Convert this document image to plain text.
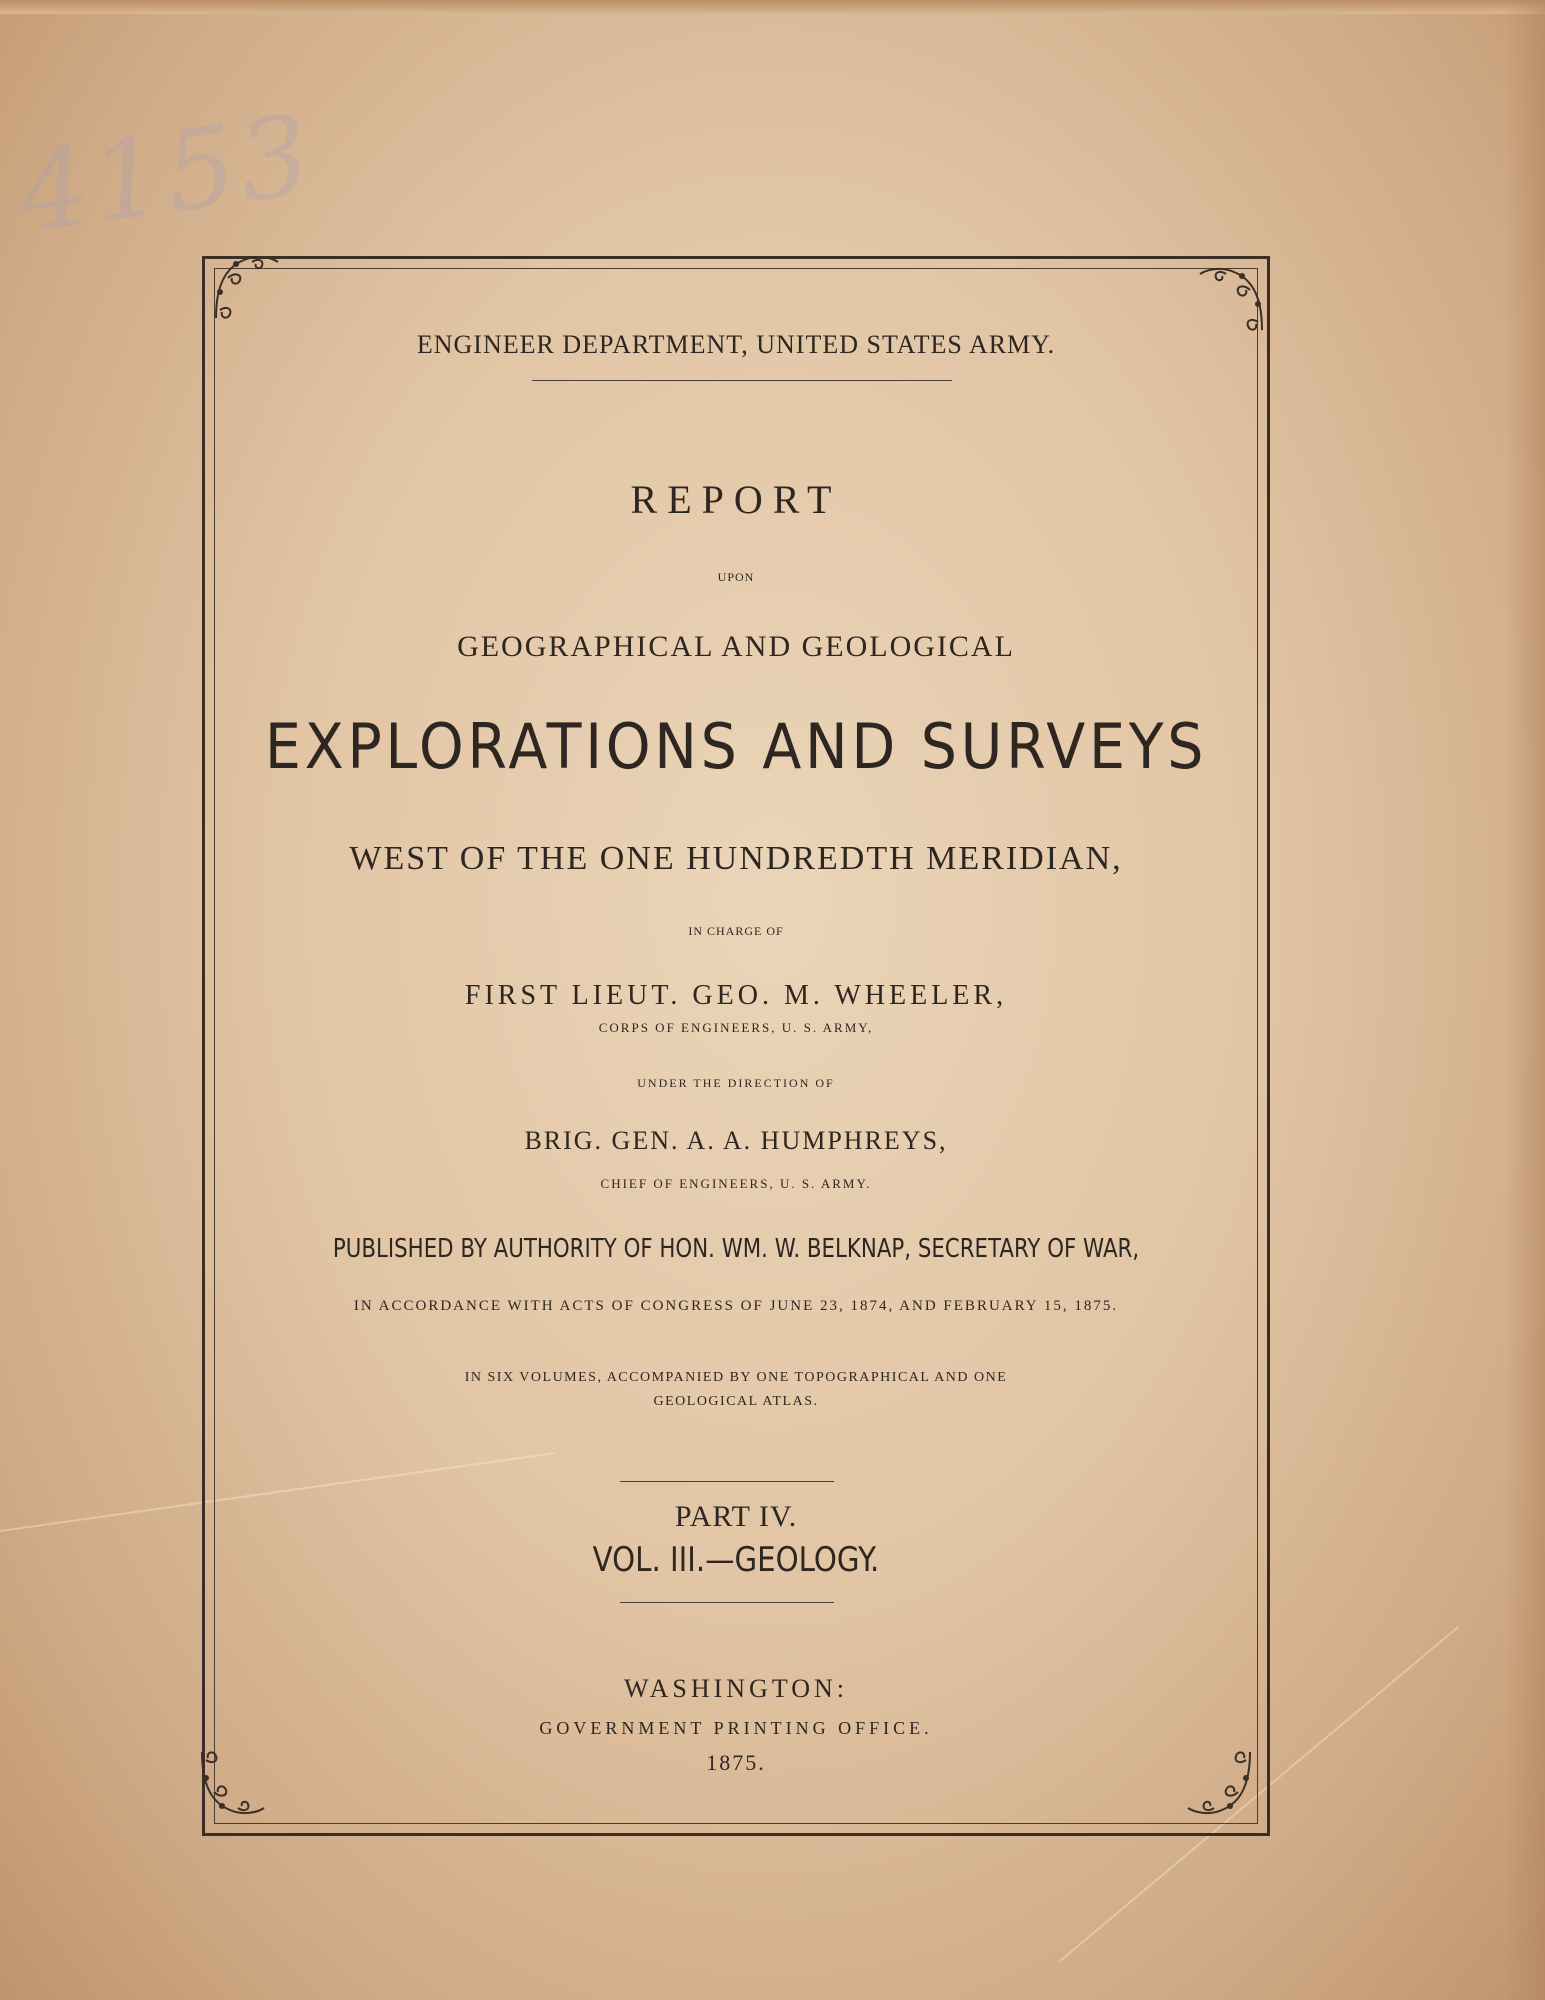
4153
ENGINEER DEPARTMENT, UNITED STATES ARMY.
REPORT
UPON
GEOGRAPHICAL AND GEOLOGICAL
EXPLORATIONS AND SURVEYS
WEST OF THE ONE HUNDREDTH MERIDIAN,
IN CHARGE OF
FIRST LIEUT. GEO. M. WHEELER,
CORPS OF ENGINEERS, U. S. ARMY,
UNDER THE DIRECTION OF
BRIG. GEN. A. A. HUMPHREYS,
CHIEF OF ENGINEERS, U. S. ARMY.
PUBLISHED BY AUTHORITY OF HON. WM. W. BELKNAP, SECRETARY OF WAR,
IN ACCORDANCE WITH ACTS OF CONGRESS OF JUNE 23, 1874, AND FEBRUARY 15, 1875.
IN SIX VOLUMES, ACCOMPANIED BY ONE TOPOGRAPHICAL AND ONE
GEOLOGICAL ATLAS.
PART IV.
VOL. III.—GEOLOGY.
WASHINGTON:
GOVERNMENT PRINTING OFFICE.
1875.
